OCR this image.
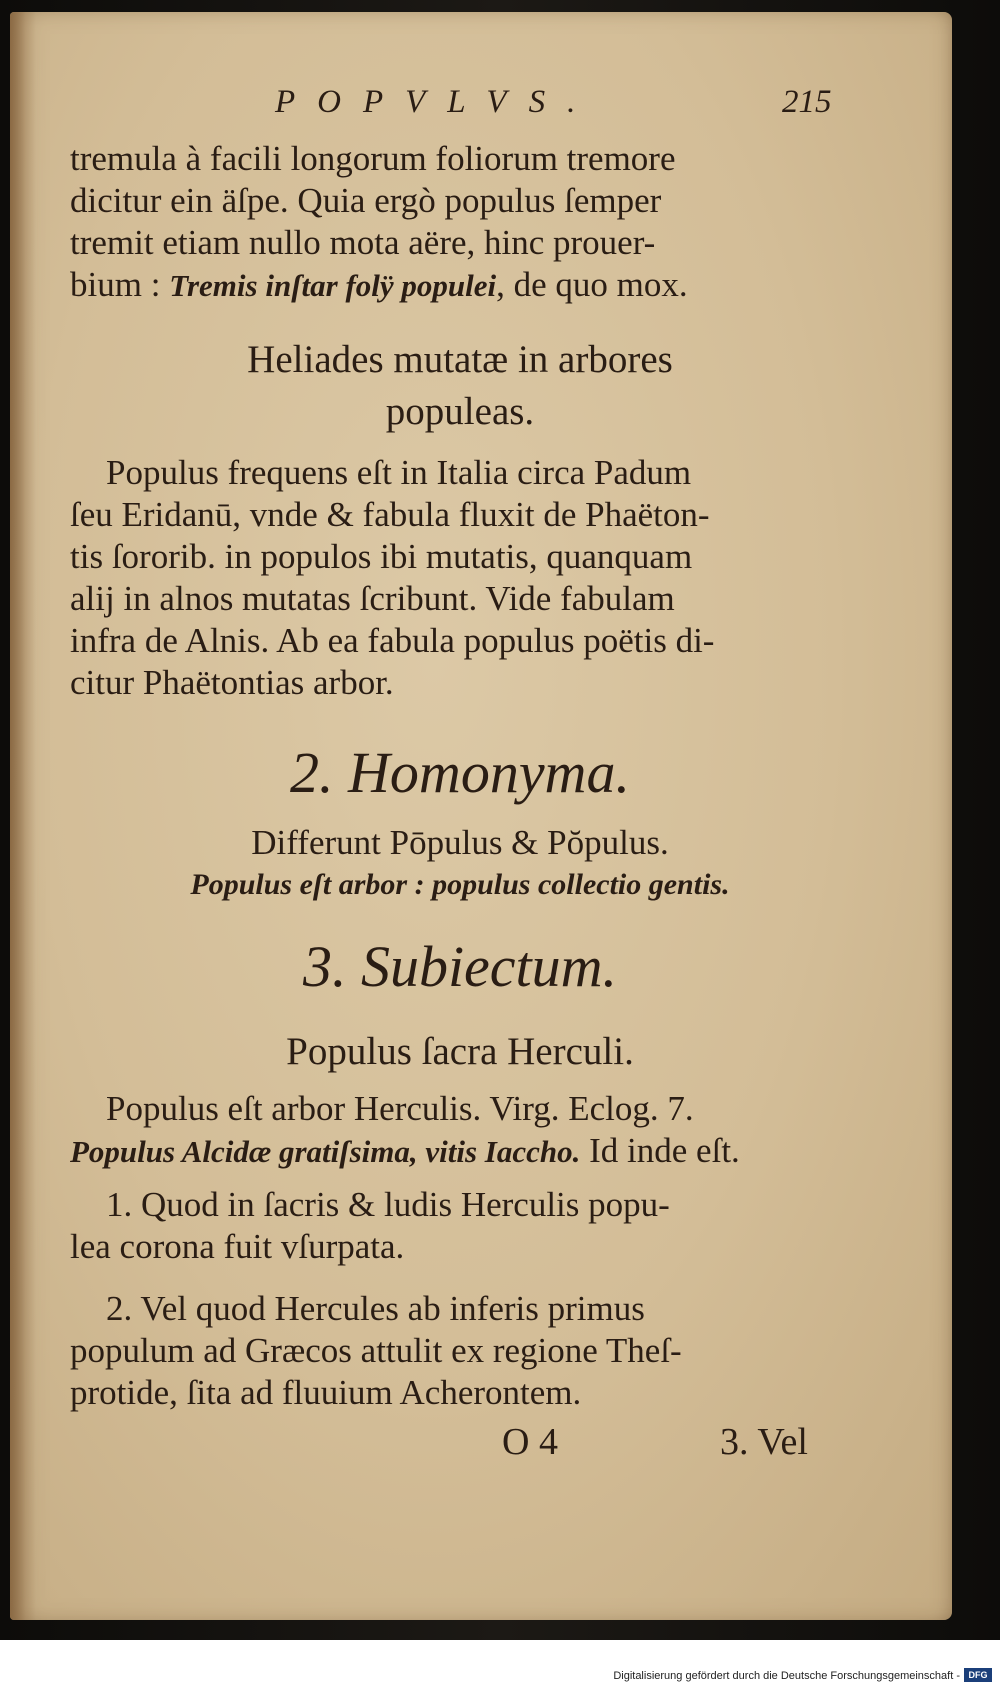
POPVLVS.	215
tremula à facili longorum foliorum tremore
dicitur ein äſpe. Quia ergò populus ſemper
tremit etiam nullo mota aëre, hinc prouer-
bium : Tremis inſtar folÿ populei, de quo mox.
Heliades mutatæ in arbores
populeas.
Populus frequens eſt in Italia circa Padum
ſeu Eridanū, vnde & fabula fluxit de Phaëton-
tis ſororib. in populos ibi mutatis, quanquam
alij in alnos mutatas ſcribunt. Vide fabulam
infra de Alnis. Ab ea fabula populus poëtis di-
citur Phaëtontias arbor.
2. Homonyma.
Differunt Pōpulus & Pŏpulus.
Populus eſt arbor : populus collectio gentis.
3. Subiectum.
Populus ſacra Herculi.
Populus eſt arbor Herculis. Virg. Eclog. 7.
Populus Alcidæ gratiſsima, vitis Iaccho. Id inde eſt.
1. Quod in ſacris & ludis Herculis popu-
lea corona fuit vſurpata.
2. Vel quod Hercules ab inferis primus
populum ad Græcos attulit ex regione Theſ-
protide, ſita ad fluuium Acherontem.
O 4	3. Vel
Digitalisierung gefördert durch die Deutsche Forschungsgemeinschaft - DFG
